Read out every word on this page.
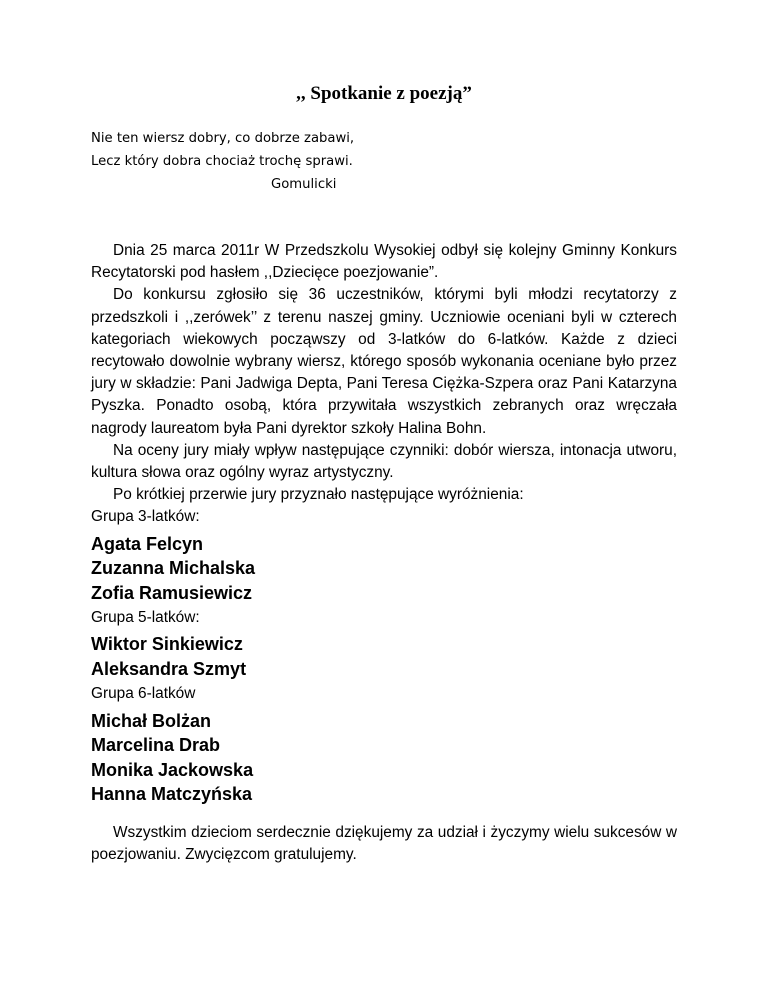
,, Spotkanie z poezją”
Nie ten wiersz dobry, co dobrze zabawi,
Lecz który dobra chociaż trochę sprawi.
Gomulicki

Dnia 25 marca 2011r W Przedszkolu Wysokiej odbył się kolejny Gminny Konkurs Recytatorski pod hasłem ,,Dziecięce poezjowanie”.

Do konkursu zgłosiło się 36 uczestników, którymi byli młodzi recytatorzy z przedszkoli i ,,zerówek’’ z terenu naszej gminy. Uczniowie oceniani byli w czterech kategoriach wiekowych począwszy od 3-latków do 6-latków. Każde z dzieci recytowało dowolnie wybrany wiersz, którego sposób wykonania oceniane było przez jury w składzie: Pani Jadwiga Depta, Pani Teresa Ciężka-Szpera oraz Pani Katarzyna Pyszka. Ponadto osobą, która przywitała wszystkich zebranych oraz wręczała nagrody laureatom była Pani dyrektor szkoły Halina Bohn.

Na oceny jury miały wpływ następujące czynniki: dobór wiersza, intonacja utworu, kultura słowa oraz ogólny wyraz artystyczny.

Po krótkiej przerwie jury przyznało następujące wyróżnienia:

Grupa 3-latków:
Agata Felcyn
Zuzanna Michalska
Zofia Ramusiewicz
Grupa 5-latków:
Wiktor Sinkiewicz
Aleksandra Szmyt
Grupa 6-latków
Michał Bolżan
Marcelina Drab
Monika Jackowska
Hanna Matczyńska
Wszystkim dzieciom serdecznie dziękujemy za udział i życzymy wielu sukcesów w poezjowaniu. Zwycięzcom gratulujemy.
